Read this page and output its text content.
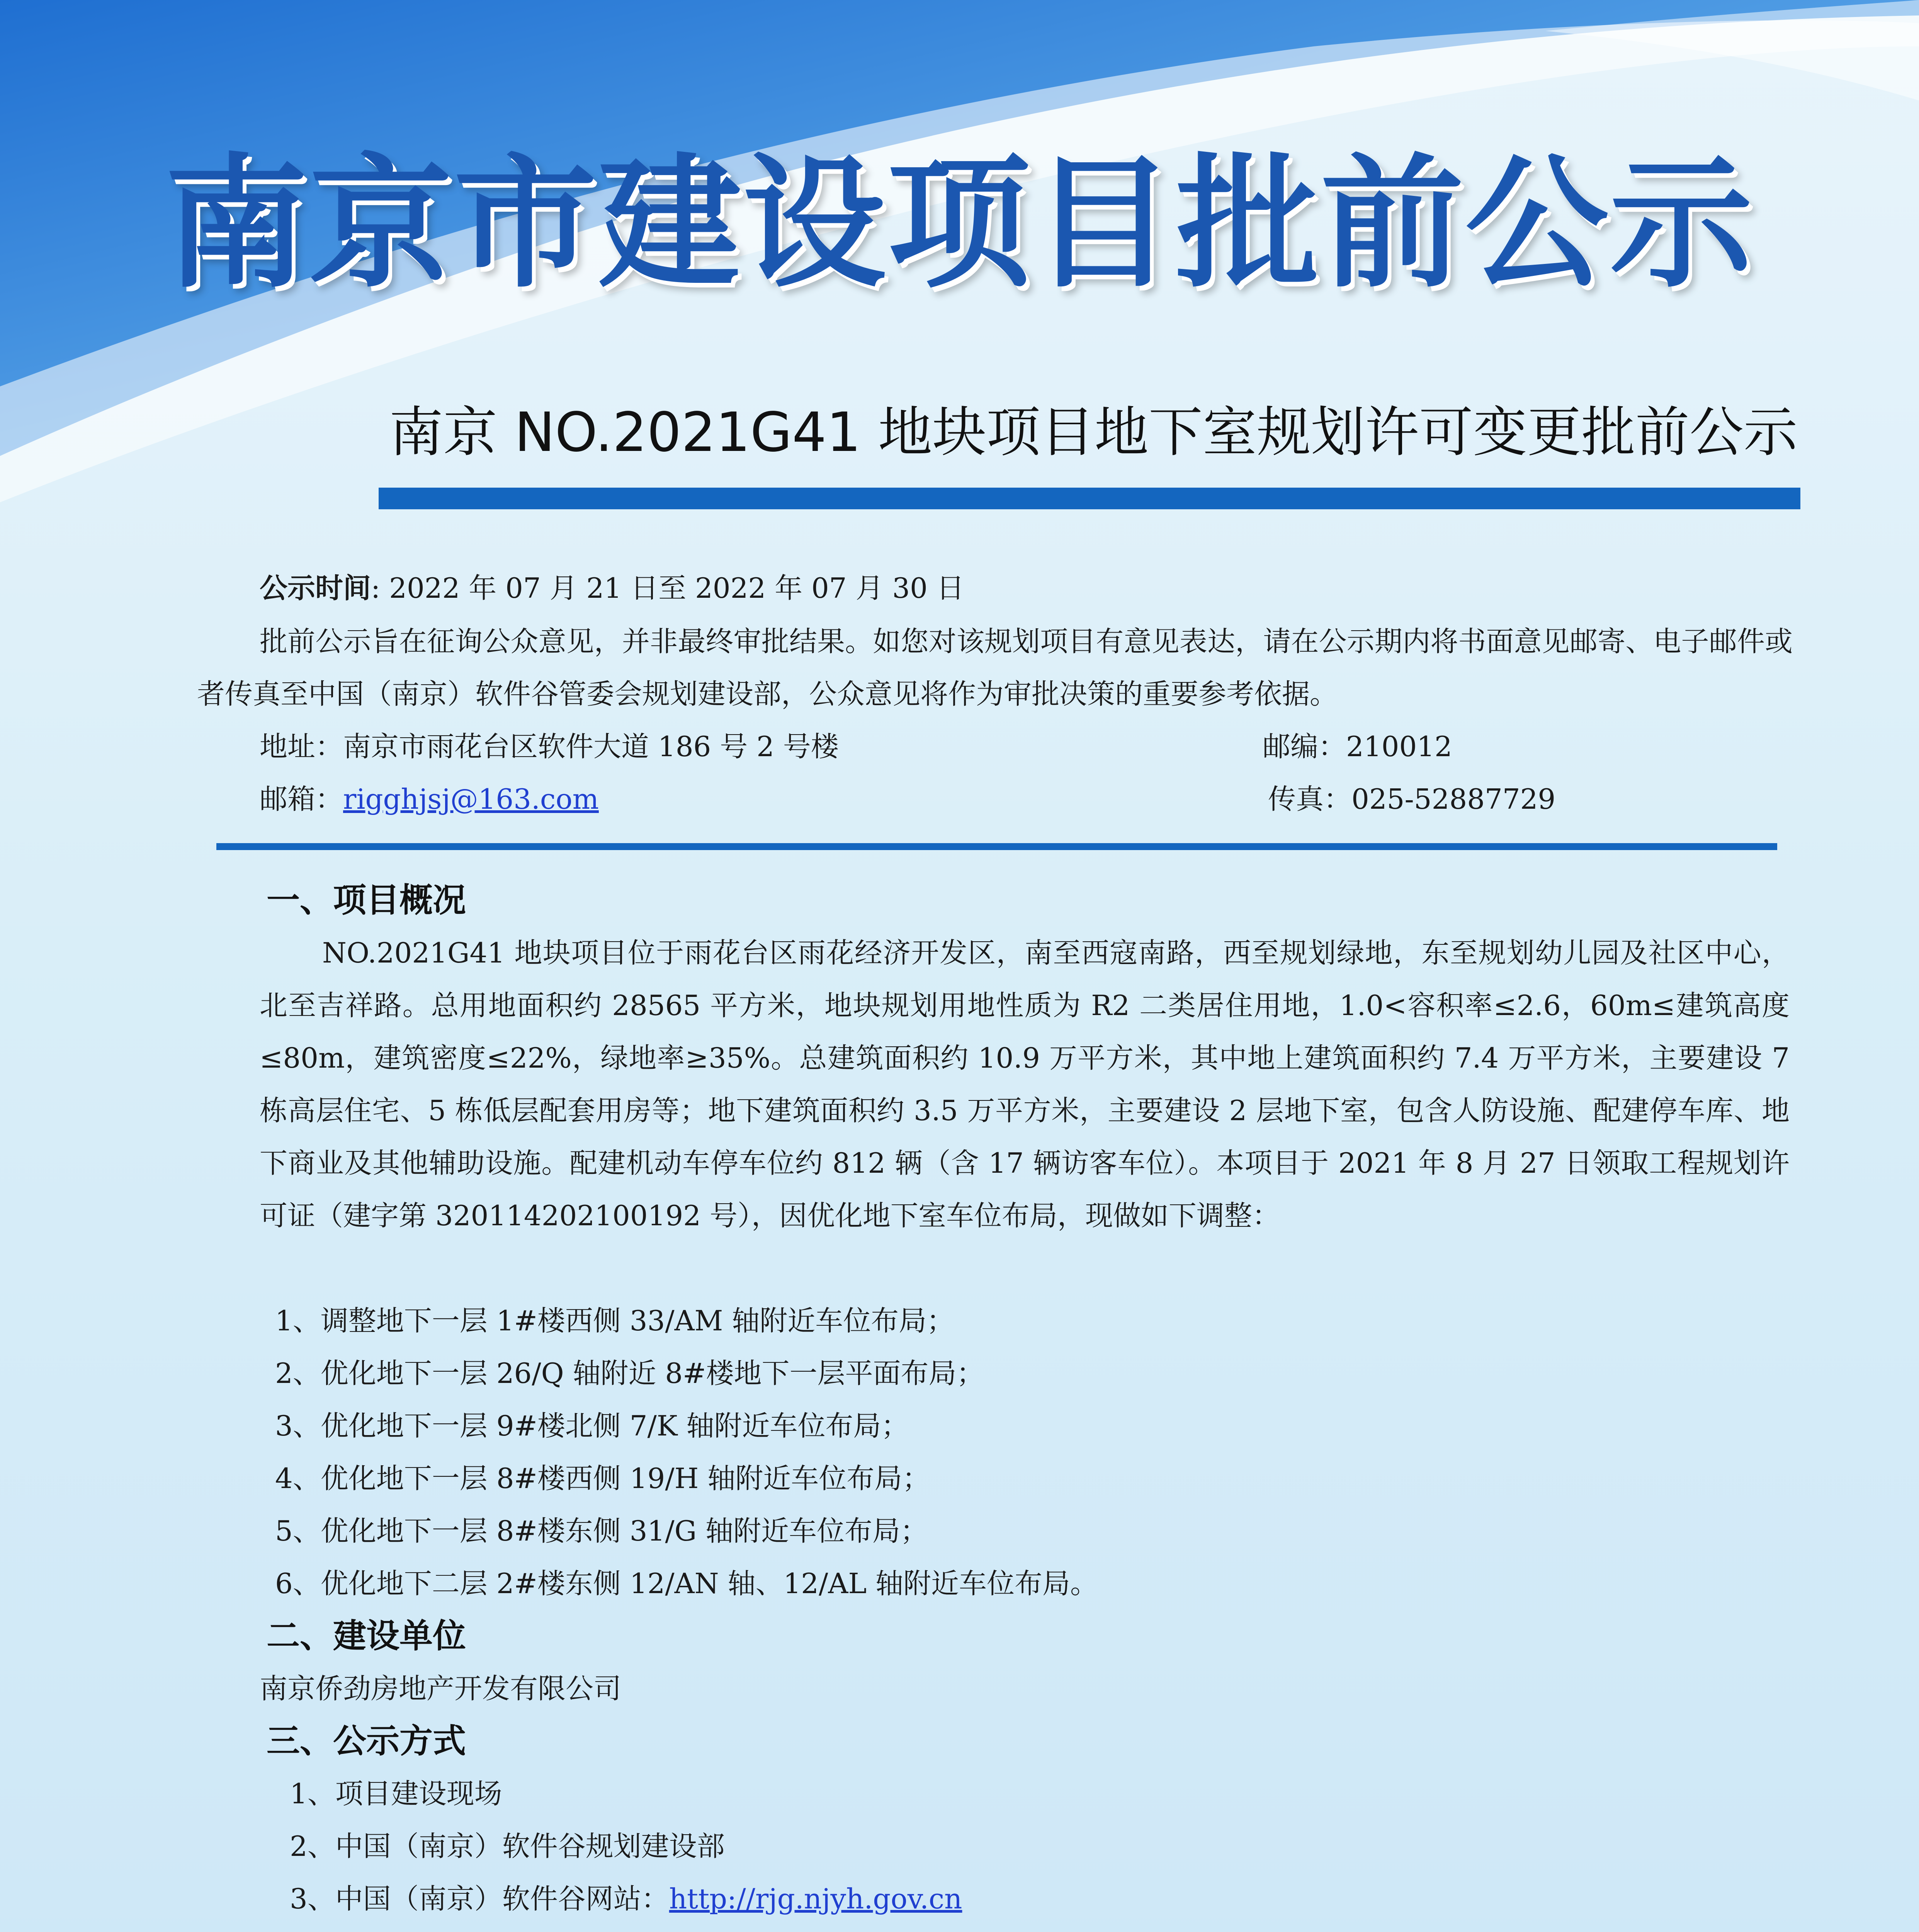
南京市建设项目批前公示
南京 NO.2021G41 地块项目地下室规划许可变更批前公示
公示时间: 2022 年 07 月 21 日至 2022 年 07 月 30 日
批前公示旨在征询公众意见，并非最终审批结果。如您对该规划项目有意见表达，请在公示期内将书面意见邮寄、电子邮件或者传真至中国（南京）软件谷管委会规划建设部，公众意见将作为审批决策的重要参考依据。
地址：南京市雨花台区软件大道 186 号 2 号楼	邮编：210012
邮箱：rigghjsj@163.com	传真：025-52887729
一、项目概况
NO.2021G41 地块项目位于雨花台区雨花经济开发区，南至西寇南路，西至规划绿地，东至规划幼儿园及社区中心，北至吉祥路。总用地面积约 28565 平方米，地块规划用地性质为 R2 二类居住用地，1.0<容积率≤2.6，60m≤建筑高度≤80m，建筑密度≤22%，绿地率≥35%。总建筑面积约 10.9 万平方米，其中地上建筑面积约 7.4 万平方米，主要建设 7 栋高层住宅、5 栋低层配套用房等；地下建筑面积约 3.5 万平方米，主要建设 2 层地下室，包含人防设施、配建停车库、地下商业及其他辅助设施。配建机动车停车位约 812 辆（含 17 辆访客车位）。本项目于 2021 年 8 月 27 日领取工程规划许可证（建字第 320114202100192 号），因优化地下室车位布局，现做如下调整：
1、调整地下一层 1#楼西侧 33/AM 轴附近车位布局；
2、优化地下一层 26/Q 轴附近 8#楼地下一层平面布局；
3、优化地下一层 9#楼北侧 7/K 轴附近车位布局；
4、优化地下一层 8#楼西侧 19/H 轴附近车位布局；
5、优化地下一层 8#楼东侧 31/G 轴附近车位布局；
6、优化地下二层 2#楼东侧 12/AN 轴、12/AL 轴附近车位布局。
二、建设单位
南京侨劲房地产开发有限公司
三、公示方式
1、项目建设现场
2、中国（南京）软件谷规划建设部
3、中国（南京）软件谷网站：http://rjg.njyh.gov.cn
